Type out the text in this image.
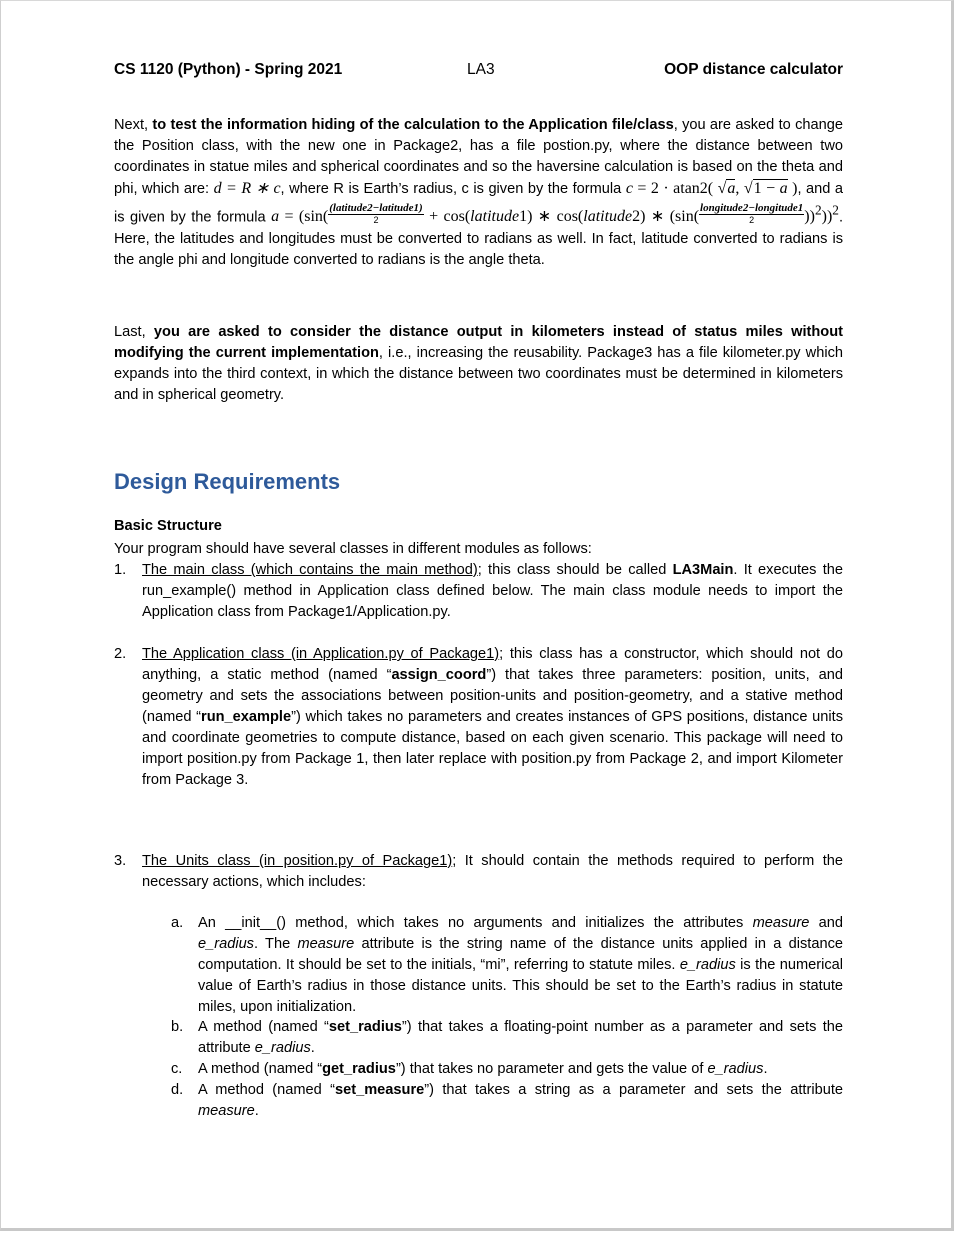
CS 1120 (Python) - Spring 2021	LA3	OOP distance calculator
Next, to test the information hiding of the calculation to the Application file/class, you are asked to change the Position class, with the new one in Package2, has a file postion.py, where the distance between two coordinates in statue miles and spherical coordinates and so the haversine calculation is based on the theta and phi, which are: d = R ∗ c, where R is Earth’s radius, c is given by the formula c = 2 · atan2( √a, √1 − a ), and a is given by the formula $a = (\sin( \frac{\text{(latitude2−latitude1)}}{2}$ + cos(latitude1) ∗ cos(latitude2) ∗ $(\sin( \frac{\text{longitude2−longitude1}}{2} ))^2))^2$. Here, the latitudes and longitudes must be converted to radians as well. In fact, latitude converted to radians is the angle phi and longitude converted to radians is the angle theta.
Last, you are asked to consider the distance output in kilometers instead of status miles without modifying the current implementation, i.e., increasing the reusability. Package3 has a file kilometer.py which expands into the third context, in which the distance between two coordinates must be determined in kilometers and in spherical geometry.
Design Requirements
Basic Structure
Your program should have several classes in different modules as follows:
1. The main class (which contains the main method); this class should be called LA3Main. It executes the run_example() method in Application class defined below. The main class module needs to import the Application class from Package1/Application.py.
2. The Application class (in Application.py of Package1); this class has a constructor, which should not do anything, a static method (named “assign_coord”) that takes three parameters: position, units, and geometry and sets the associations between position-units and position-geometry, and a stative method (named “run_example”) which takes no parameters and creates instances of GPS positions, distance units and coordinate geometries to compute distance, based on each given scenario. This package will need to import position.py from Package 1, then later replace with position.py from Package 2, and import Kilometer from Package 3.
3. The Units class (in position.py of Package1); It should contain the methods required to perform the necessary actions, which includes:
a. An __init__() method, which takes no arguments and initializes the attributes measure and e_radius. The measure attribute is the string name of the distance units applied in a distance computation. It should be set to the initials, “mi”, referring to statute miles. e_radius is the numerical value of Earth’s radius in those distance units. This should be set to the Earth’s radius in statute miles, upon initialization.
b. A method (named “set_radius”) that takes a floating-point number as a parameter and sets the attribute e_radius.
c. A method (named “get_radius”) that takes no parameter and gets the value of e_radius.
d. A method (named “set_measure”) that takes a string as a parameter and sets the attribute measure.
